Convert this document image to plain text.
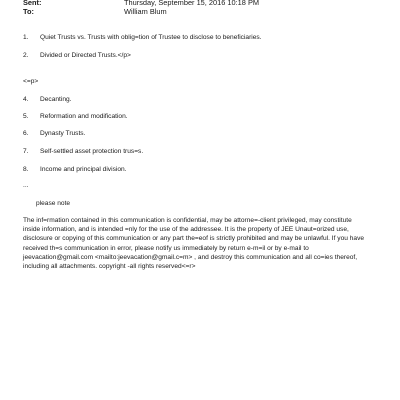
Sent:	Thursday, September 15, 2016 10:18 PM
To:	William Blum
1. Quiet Trusts vs. Trusts with oblig=tion of Trustee to disclose to beneficiaries.
2. Divided or Directed Trusts.</p>
<=p>
4. Decanting.
5. Reformation and modification.
6. Dynasty Trusts.
7. Self-settled asset protection trus=s.
8. Income and principal division.
...
please note
The inf=rmation contained in this communication is confidential, may be attorne=-client privileged, may constitute
inside information, and is intended =nly for the use of the addressee. It is the property of JEE Unaut=orized use,
disclosure or copying of this communication or any part the=eof is strictly prohibited and may be unlawful. If you have
received th=s communication in error, please notify us immediately by return e-m=il or by e-mail to
jeevacation@gmail.com <mailto:jeevacation@gmail.c=m> , and destroy this communication and all co=ies thereof,
including all attachments. copyright -all rights reserved<=r>
